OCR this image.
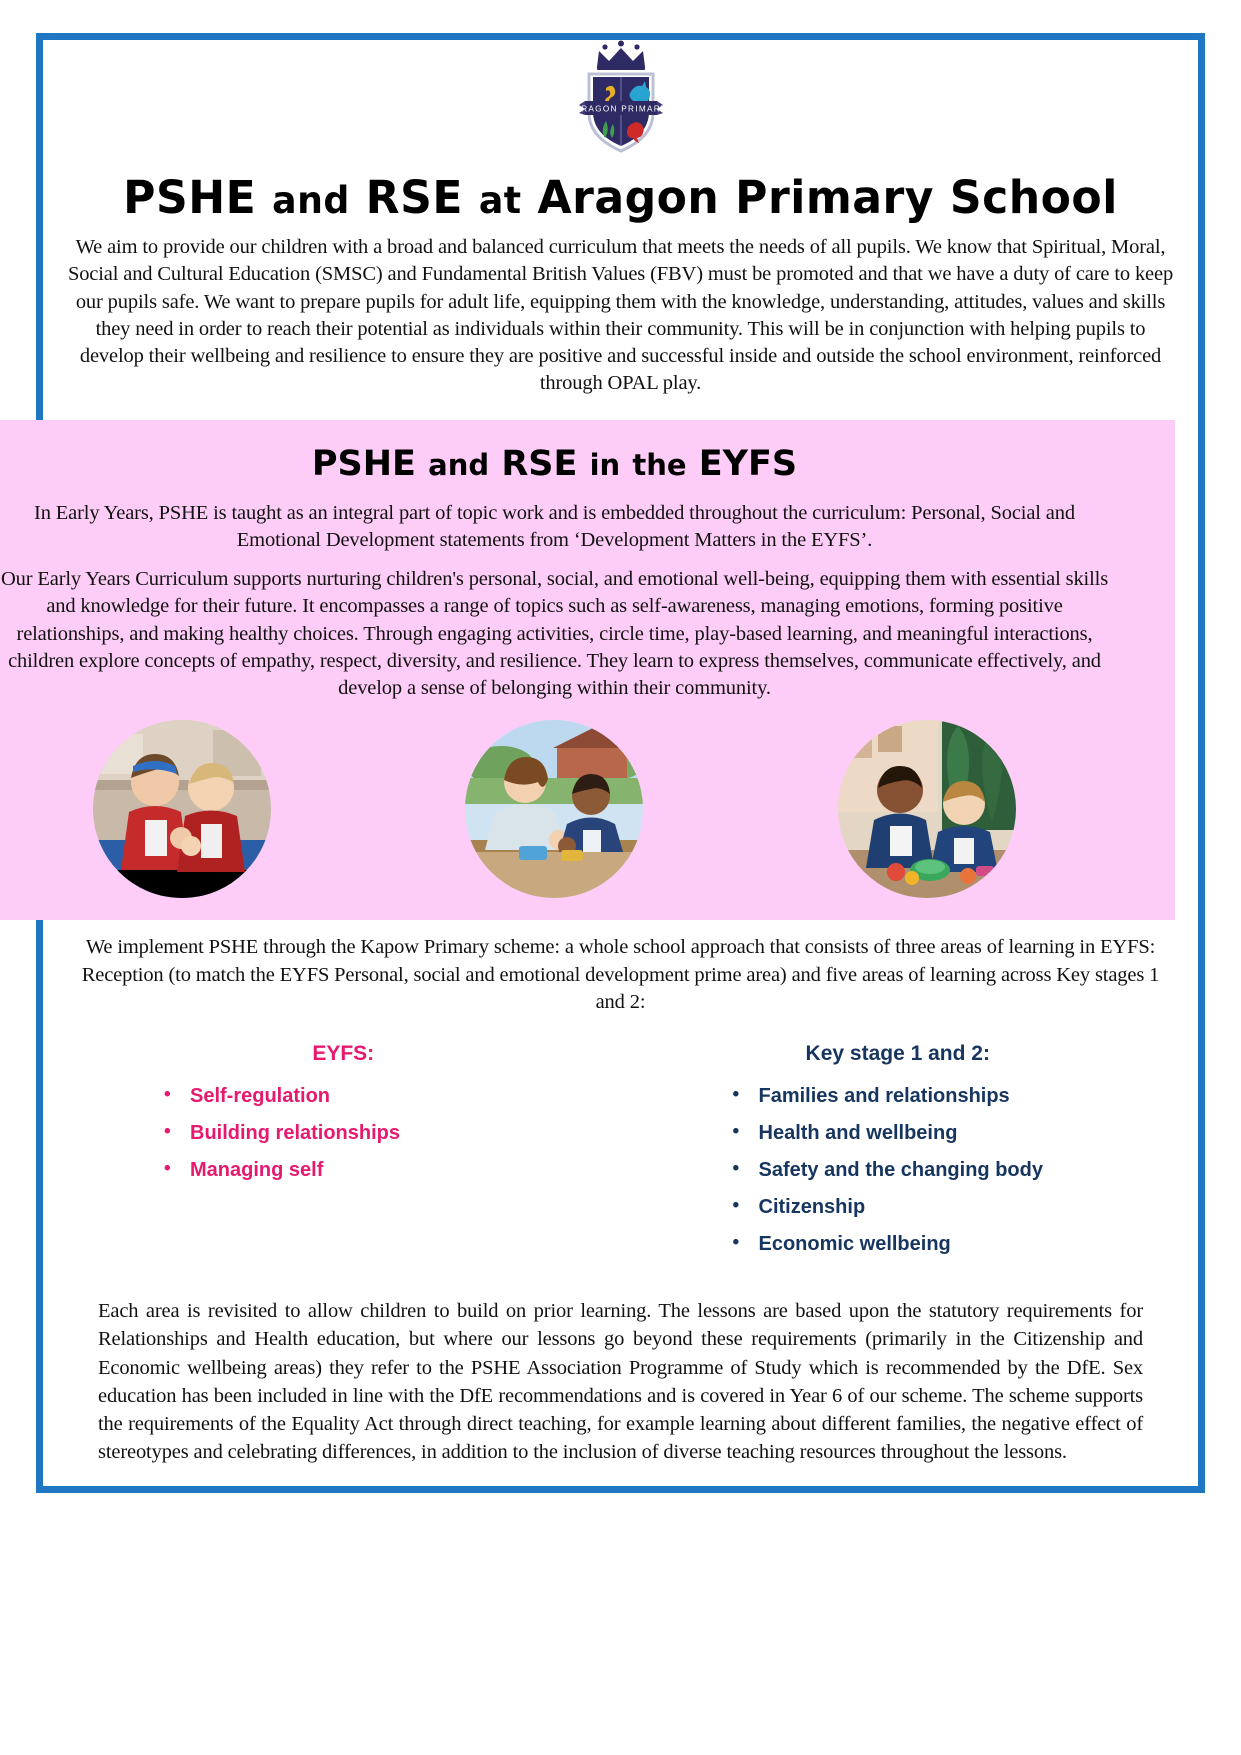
ARAGON PRIMARY
PSHE and RSE at Aragon Primary School

We aim to provide our children with a broad and balanced curriculum that meets the needs of all pupils. We know that Spiritual, Moral, Social and Cultural Education (SMSC) and Fundamental British Values (FBV) must be promoted and that we have a duty of care to keep our pupils safe. We want to prepare pupils for adult life, equipping them with the knowledge, understanding, attitudes, values and skills they need in order to reach their potential as individuals within their community. This will be in conjunction with helping pupils to develop their wellbeing and resilience to ensure they are positive and successful inside and outside the school environment, reinforced through OPAL play.

PSHE and RSE in the EYFS

In Early Years, PSHE is taught as an integral part of topic work and is embedded throughout the curriculum: Personal, Social and Emotional Development statements from ‘Development Matters in the EYFS’.

Our Early Years Curriculum supports nurturing children's personal, social, and emotional well-being, equipping them with essential skills and knowledge for their future. It encompasses a range of topics such as self-awareness, managing emotions, forming positive relationships, and making healthy choices. Through engaging activities, circle time, play-based learning, and meaningful interactions, children explore concepts of empathy, respect, diversity, and resilience. They learn to express themselves, communicate effectively, and develop a sense of belonging within their community.

We implement PSHE through the Kapow Primary scheme: a whole school approach that consists of three areas of learning in EYFS: Reception (to match the EYFS Personal, social and emotional development prime area) and five areas of learning across Key stages 1 and 2:

EYFS:
• Self-regulation
• Building relationships
• Managing self
Key stage 1 and 2:
• Families and relationships
• Health and wellbeing
• Safety and the changing body
• Citizenship
• Economic wellbeing

Each area is revisited to allow children to build on prior learning. The lessons are based upon the statutory requirements for Relationships and Health education, but where our lessons go beyond these requirements (primarily in the Citizenship and Economic wellbeing areas) they refer to the PSHE Association Programme of Study which is recommended by the DfE. Sex education has been included in line with the DfE recommendations and is covered in Year 6 of our scheme. The scheme supports the requirements of the Equality Act through direct teaching, for example learning about different families, the negative effect of stereotypes and celebrating differences, in addition to the inclusion of diverse teaching resources throughout the lessons.
